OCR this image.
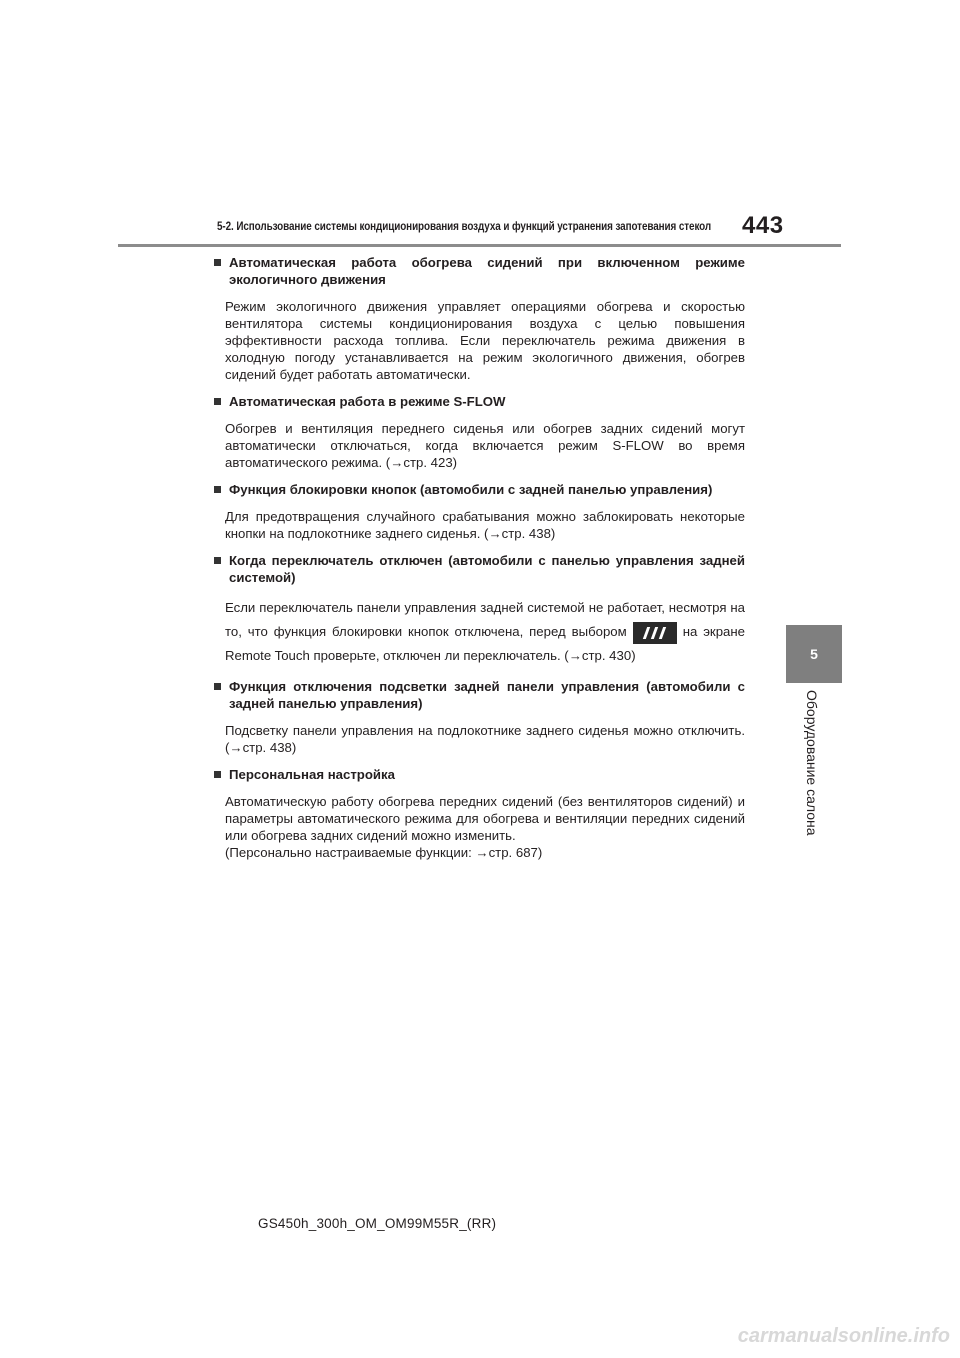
5-2. Использование системы кондиционирования воздуха и функций устранения запотевания стекол 443
5
Оборудование салона
Автоматическая работа обогрева сидений при включенном режиме экологичного движения
Режим экологичного движения управляет операциями обогрева и скоростью вентилятора системы кондиционирования воздуха с целью повышения эффективности расхода топлива. Если переключатель режима движения в холодную погоду устанавливается на режим экологичного движения, обогрев сидений будет работать автоматически.
Автоматическая работа в режиме S-FLOW
Обогрев и вентиляция переднего сиденья или обогрев задних сидений могут автоматически отключаться, когда включается режим S-FLOW во время автоматического режима. (→стр. 423)
Функция блокировки кнопок (автомобили с задней панелью управления)
Для предотвращения случайного срабатывания можно заблокировать некоторые кнопки на подлокотнике заднего сиденья. (→стр. 438)
Когда переключатель отключен (автомобили с панелью управления задней системой)
Если переключатель панели управления задней системой не работает, несмотря на то, что функция блокировки кнопок отключена, перед выбором	на экране Remote Touch проверьте, отключен ли переключатель. (→стр. 430)
Функция отключения подсветки задней панели управления (автомобили с задней панелью управления)
Подсветку панели управления на подлокотнике заднего сиденья можно отключить. (→стр. 438)
Персональная настройка
Автоматическую работу обогрева передних сидений (без вентиляторов сидений) и параметры автоматического режима для обогрева и вентиляции передних сидений или обогрева задних сидений можно изменить.
(Персонально настраиваемые функции: →стр. 687)
GS450h_300h_OM_OM99M55R_(RR)
carmanualsonline.info
